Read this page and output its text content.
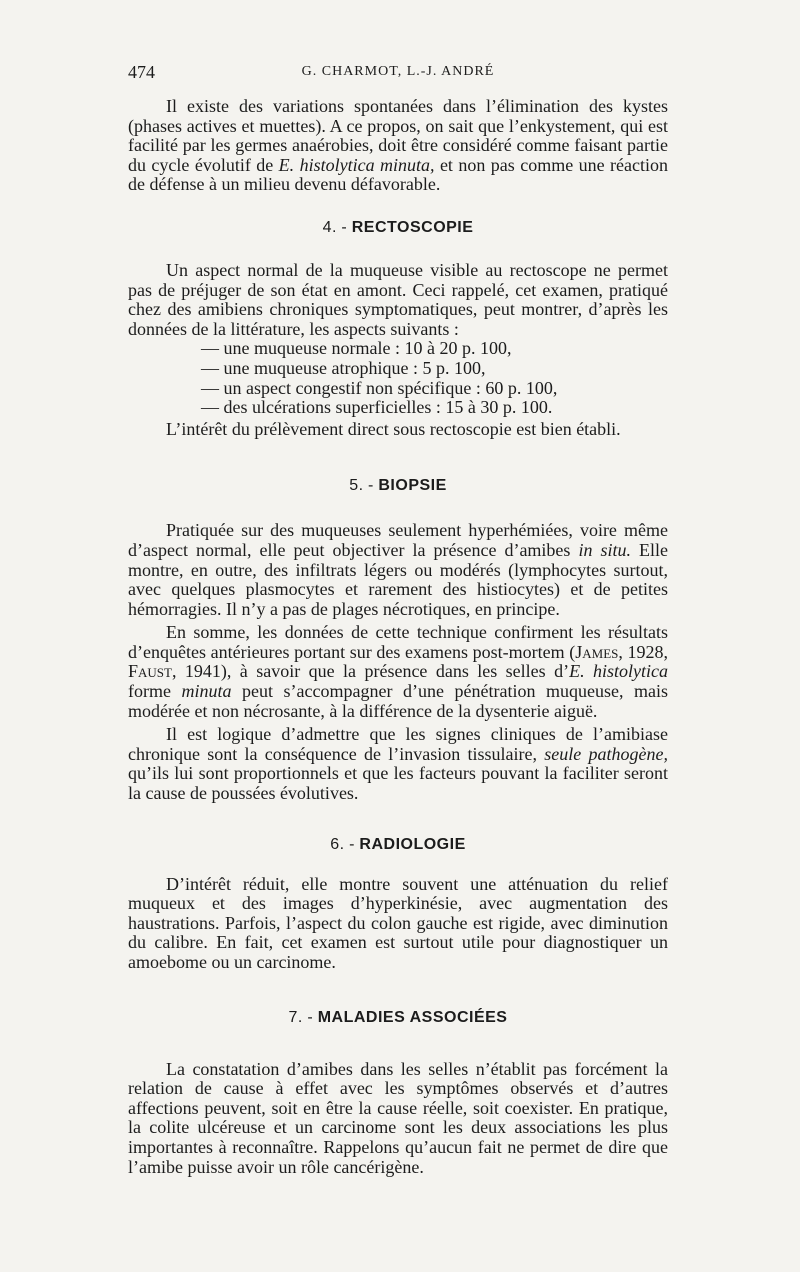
474	G. CHARMOT, L.-J. ANDRÉ

Il existe des variations spontanées dans l’élimination des kystes (phases actives et muettes). A ce propos, on sait que l’enkystement, qui est facilité par les germes anaérobies, doit être considéré comme faisant partie du cycle évolutif de E. histolytica minuta, et non pas comme une réaction de défense à un milieu devenu défavorable.

4. - RECTOSCOPIE

Un aspect normal de la muqueuse visible au rectoscope ne permet pas de préjuger de son état en amont. Ceci rappelé, cet examen, pratiqué chez des amibiens chroniques symptomatiques, peut montrer, d’après les données de la littérature, les aspects suivants :

— une muqueuse normale : 10 à 20 p. 100,
— une muqueuse atrophique : 5 p. 100,
— un aspect congestif non spécifique : 60 p. 100,
— des ulcérations superficielles : 15 à 30 p. 100.

L’intérêt du prélèvement direct sous rectoscopie est bien établi.

5. - BIOPSIE

Pratiquée sur des muqueuses seulement hyperhémiées, voire même d’aspect normal, elle peut objectiver la présence d’amibes in situ. Elle montre, en outre, des infiltrats légers ou modérés (lymphocytes surtout, avec quelques plasmocytes et rarement des histiocytes) et de petites hémorragies. Il n’y a pas de plages nécrotiques, en principe.

En somme, les données de cette technique confirment les résultats d’enquêtes antérieures portant sur des examens post-mortem (James, 1928, Faust, 1941), à savoir que la présence dans les selles d’E. histolytica forme minuta peut s’accompagner d’une pénétration muqueuse, mais modérée et non nécrosante, à la différence de la dysenterie aiguë.

Il est logique d’admettre que les signes cliniques de l’amibiase chronique sont la conséquence de l’invasion tissulaire, seule pathogène, qu’ils lui sont proportionnels et que les facteurs pouvant la faciliter seront la cause de poussées évolutives.

6. - RADIOLOGIE

D’intérêt réduit, elle montre souvent une atténuation du relief muqueux et des images d’hyperkinésie, avec augmentation des haustrations. Parfois, l’aspect du colon gauche est rigide, avec diminution du calibre. En fait, cet examen est surtout utile pour diagnostiquer un amoebome ou un carcinome.

7. - MALADIES ASSOCIÉES

La constatation d’amibes dans les selles n’établit pas forcément la relation de cause à effet avec les symptômes observés et d’autres affections peuvent, soit en être la cause réelle, soit coexister. En pratique, la colite ulcéreuse et un carcinome sont les deux associations les plus importantes à reconnaître. Rappelons qu’aucun fait ne permet de dire que l’amibe puisse avoir un rôle cancérigène.
